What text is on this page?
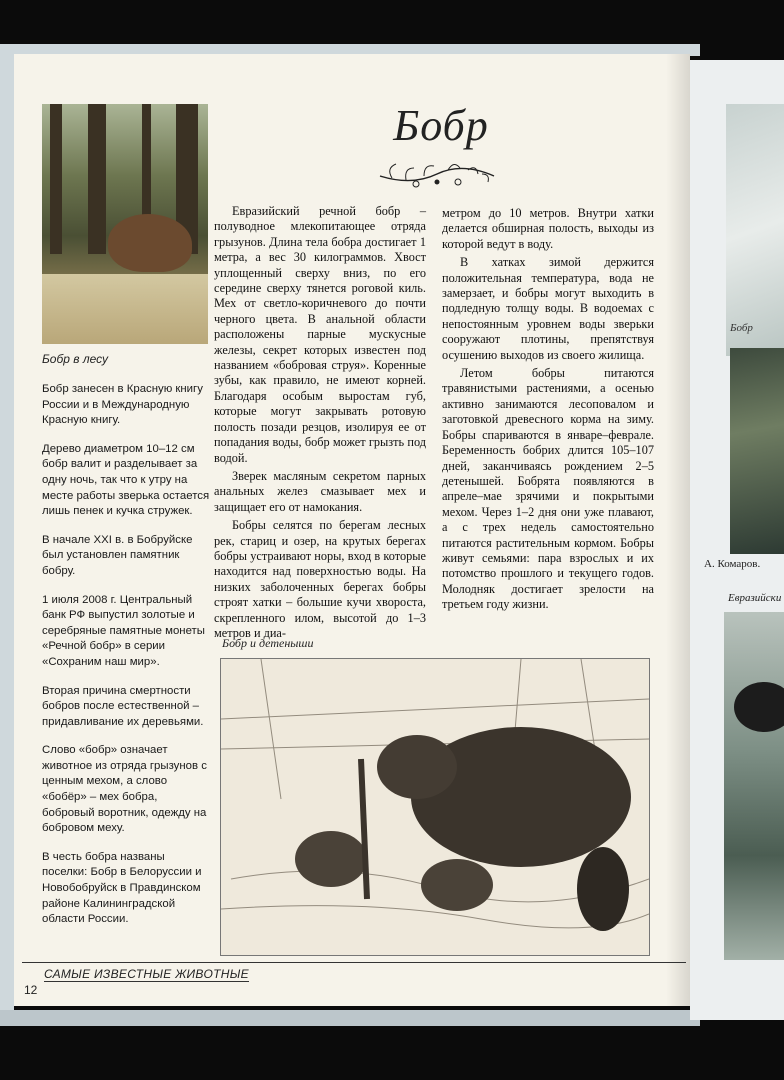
Бобр
А. Комаров.
Евразийски
Бобр в лесу

Бобр занесен в Красную книгу России и в Международную Красную книгу.

Дерево диаметром 10–12 см бобр валит и разделывает за одну ночь, так что к утру на месте работы зверька остается лишь пенек и кучка стружек.

В начале XXI в. в Бобруйске был установлен памятник бобру.

1 июля 2008 г. Центральный банк РФ выпустил золотые и серебряные памятные монеты «Речной бобр» в серии «Сохраним наш мир».

Вторая причина смертности бобров после естественной – придавливание их деревьями.

Слово «бобр» означает животное из отряда грызунов с ценным мехом, а слово «бобёр» – мех бобра, бобровый воротник, одежду на бобровом меху.

В честь бобра названы поселки: Бобр в Белоруссии и Новобобруйск в Правдинском районе Калининградской области России.

Бобр

Евразийский речной бобр – полуводное млекопитающее отряда грызунов. Длина тела бобра достигает 1 метра, а вес 30 килограммов. Хвост уплощенный сверху вниз, по его середине сверху тянется роговой киль. Мех от светло-коричневого до почти черного цвета. В анальной области расположены парные мускусные железы, секрет которых известен под названием «бобровая струя». Коренные зубы, как правило, не имеют корней. Благодаря особым выростам губ, которые могут закрывать ротовую полость позади резцов, изолируя ее от попадания воды, бобр может грызть под водой.

Зверек масляным секретом парных анальных желез смазывает мех и защищает его от намокания.

Бобры селятся по берегам лесных рек, стариц и озер, на крутых берегах бобры устраивают норы, вход в которые находится над поверхностью воды. На низких заболоченных берегах бобры строят хатки – большие кучи хвороста, скрепленного илом, высотой до 1–3 метров и диа-

метром до 10 метров. Внутри хатки делается обширная полость, выходы из которой ведут в воду.

В хатках зимой держится положительная температура, вода не замерзает, и бобры могут выходить в подледную толщу воды. В водоемах с непостоянным уровнем воды зверьки сооружают плотины, препятствуя осушению выходов из своего жилища.

Летом бобры питаются травянистыми растениями, а осенью активно занимаются лесоповалом и заготовкой древесного корма на зиму. Бобры спариваются в январе–феврале. Беременность бобрих длится 105–107 дней, заканчиваясь рождением 2–5 детенышей. Бобрята появляются в апреле–мае зрячими и покрытыми мехом. Через 1–2 дня они уже плавают, а с трех недель самостоятельно питаются растительным кормом. Бобры живут семьями: пара взрослых и их потомство прошлого и текущего годов. Молодняк достигает зрелости на третьем году жизни.

Бобр и детеныши
САМЫЕ ИЗВЕСТНЫЕ ЖИВОТНЫЕ
12
